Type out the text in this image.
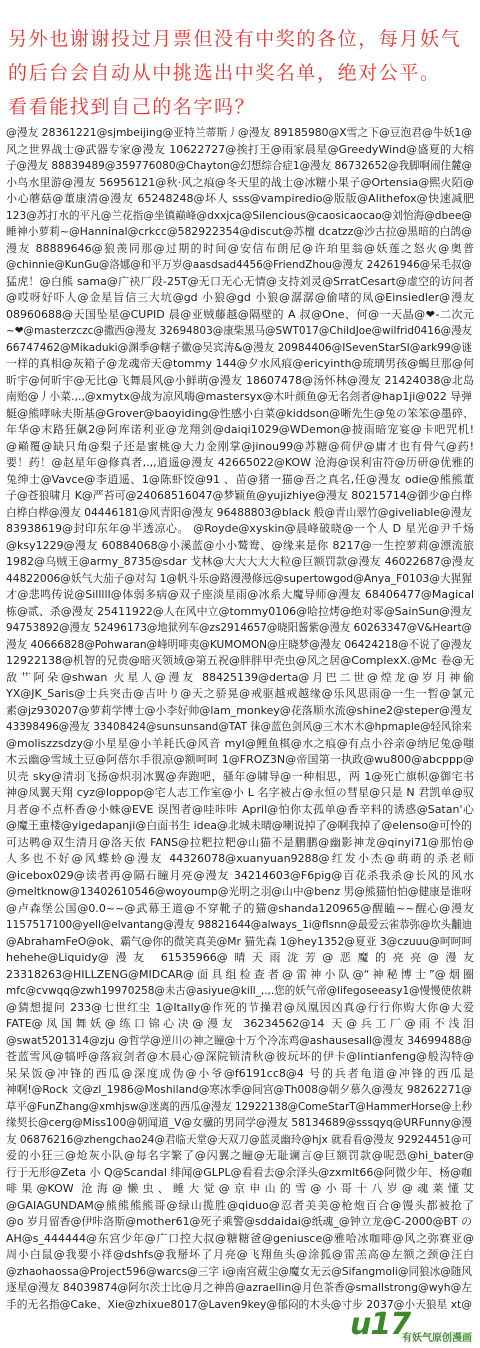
另外也谢谢投过月票但没有中奖的各位，每月妖气
的后台会自动从中挑选出中奖名单，绝对公平。
看看能找到自己的名字吗？
@漫友 28361221@sjmbeijing@亚特兰蒂斯丿@漫友 89185980@X雪之下@豆泡君@牛妖1@
风之世界战士@武器专家@漫友 10622727@挨打王@雨家晨星@GreedyWind@盛夏的大榕
子@漫友 88839489@359776080@Chayton@幻想综合症1@漫友 86732652@我脚啊闹住麓@
小鸟水里游@漫友 56956121@秋·风之痕@冬天里的战士@冰糖小果子@Ortensia@熙火陌@
小心蘑菇@董康清@漫友 65248248@坏人 sss@vampiredio@版版@Alithefox@快速减肥
123@苏打水的平凡@兰花指@坐镇巅峰@dxxjca@Silencious@caosicaocao@刘怡海@dbee@
睡神小萝莉~@Hanninal@crkcc@582922354@discut@苏檀 dcatzz@沙古拉@黑暗的白鸽@
漫友 88889646@狼羡同那@过期的时间@安信布朗尼@许珀里翁@妖莲之怒火@奥普
@chinnie@KunGu@洛娜@和平万岁@aasdsad4456@FriendZhou@漫友 24261946@呆毛叔@
猛虎！@白熊 sama@广袂厂段-25T@无口无心无情@支持刘灵@SrratCesart@虚空的访问者
@哎呀好吓人@金星旨信三大坑@gd 小狼@gd 小狼@潺潺@偷啫的凤@Einsiedler@漫友
08960688@天国坠星@CUPID 晨@亚贼藤越@隔壁的 A 叔@One、何@一天晶@❤-二次元
~❤@masterzczc@撒西@漫友 32694803@康柴黑马@SWT017@ChildJoe@wilfrid0416@漫友
66747462@Mikaduki@渊季@轄子徽@吴宾涛&@漫友 20984406@ISevenStarSI@ark99@谜
一样的真相@灰箱子@龙魂帝天@tommy 144@夕水风痕@ericyinth@琉璃男孩@蝎旦那@何
昕宇@何昕宇@无比@飞舞晨风@小鲜萌@漫友 18607478@汤怀林@漫友 21424038@北岛
南贻@丿小菜.,.,@xmytx@战为凉风嗨@mastersyx@木叶颜鱼@无名刽者@hap1ji@022 导弹
艇@熊哮咏夫斯基@Grover@baoyiding@性感小白菜@kiddson@晰先生@兔の笨笨@墨碎、
年华@末路狂飙2@阿库诺利亚@龙翔剑@daiqi1029@WDemon@披雨暗宠宴@卡吧咒机!
@巅覆@缺只角@梨子还是蜜桃@大力金刚掌@jinou99@苏糖@荷伊@庸才也有骨气@药!
要！药！@赵星年@修真者,.,,逍遥@漫友 42665022@KOW 沧海@误利宙符@历研@优雅的
兔绅士@Vavce@李逍遥、1@陈虾饺@91 、苗@猪一猫@吾之真名,任@漫友 odie@熊熊董
子@苍狼啸月 K@严苔可@24068516047@梦颖鱼@yujizhiye@漫友 80215714@御少@白桦
白桦白桦@漫友 04446181@风青阳@漫友 96488803@black 般@青山翠竹@giveliable@漫友
83938619@封印东年@半透凉心。 @Royde@xyskin@晨峰破晓@一个人 D 星光@尹千炀
@ksy1229@漫友 60884068@小溪蓝@小小鹫鸯、@缘来是你 8217@一生控萝莉@漂流旅
1982@乌贼王@army_8735@sdar 戈林@大大大大大粒@巨额罚款@漫友 46022687@漫友
44822006@妖气大茄子@对勾 1@帆斗乐@路漫漫修远@supertowgod@Anya_F0103@大猩猩
才@悲鸣传说@SillllI@体弱多病@双子座淡星雨@冰系大魔导师@漫友 68406477@Magical
栋@贰、杀@漫友 25411922@人在风中立@tommy0106@哈拉烤@绝对零@SainSun@漫友
94753892@漫友 52496173@地狱列车@zs2914657@晓阳酱紫@漫友 60263347@V&Heart@
漫友 40666828@Pohwaran@峰明啡夷@KUMOMON@庄晓梦@漫友 06424218@不说了@漫友
12922138@机智的兄贵@暗灭领域@第五祝@胖胖甲壳虫@风之居@ComplexX.@Mc 卷@无
敌艹阿朵@shwan 火星人@漫友 88425139@derta@月巴二世@煌龙@岁月神偷
YX@JK_Saris@士兵突击@吉叶り@天之骄晃@戒驱越戒越缘@乐风思雨@一生一暂@氯元
素@jz930207@萝莉学博士@小李好帅@lam_monkey@花落顺水流@shine2@steper@漫友
43398496@漫友 33408424@sunsunsand@TAT 徕@蓝色剑风@三木木木@hpmaple@轻风徐来
@moliszzsdzy@小星星@小羊耗氏@风音 myl@鲤鱼棋@水之痕@有点小谷亲@纳尼兔@嗤
木云幽@雪域土豆@阿蓓尔手很凉@额呵呵 1@FROZ3N@帝国第一执政@wu800@abcppp@
贝壳 sky@清羽飞扬@炽羽冰翼@奔跑吧，骚年@啸导@一种相思，两 1@死亡旗帜@御宅书
神@凤翼天翔 cyz@loppop@宅人志工作室@小 L 名字被占@永恒の彗星@只是 N 君凯单@驭
月者@不点杯香@小蛛@EVE 误图者@哇咔咔 April@怕你太孤单@香辛料的诱惑@Satan'心
@魔王重楼@yigedapanji@白面书生 idea@北城未晴@喇说掉了@啊我掉了@elenso@可怜的
可达鸭@双生清月@洛天依 FANS@拉粑拉粑@山猫不是鹏鹏@幽影神龙@qinyi71@那怡@
人多也不好@风蝶蛉@漫友 44326078@xuanyuan9288@红发小杰@萌萌的杀老师
@icebox029@读者再@隔石瞳月亮@漫友 34214603@F6pig@百花杀我杀@长风的风水
@meltknow@13402610546@woyoump@光明之羽@山中@benz 男@熊猫怕怕@健康是谁呀
@卢森堡公国@0.0~~@武幕王道@不穿靴子的猫@shanda120965@醒瞌~~醒心@漫友
1157517100@yell@elvantang@漫友 98821644@always_1i@flsnn@最爱云雀恭弥@坎头黼迪
@AbrahamFeO@ok、霸气@你的微笑真美@Mr 猫先森 1@hey1352@夏亚 3@czuuu@呵呵呵
hehehe@Liquidy@漫友 61535966@晴天雨泷芳@恶魔的亮亮@漫友
23318263@HILLZENG@MIDCAR@面具组检查者@雷神小队@“神秘博士”@烟圈
mfc@cvwqq@zwh19970258@未古@asiyue@kill_,.,.您的妖气帝@lifegoseeasy1@慢慢使侬耕
@猜想提问 233@七世红尘 1@Itally@作死的节操君@凤凰因凶真@行行你购大你@大爱
FATE@凤国舞妖@练口锦心决@漫友 36234562@14 天@兵工厂@雨不浅泪
@swat5201314@zju @哲学@逆川の神之瞳@十万个冷冻鸡@ashausesall@漫友 34699488@
苍蓝雪风@犒呼@落寂剑者@木晨心@深院锁清秋@彼玩坏的伊卡@lintianfeng@般沟特@
呆呆饭@冲锋的西瓜@深度成伪@小爷@f6191cc8@4 号的兵者龟道@冲锋的西瓜是
神啊!@Rock 文@zl_1986@Moshiland@寒冰季@间宫@Th008@朝夕慕久@漫友 98262271@
草平@FunZhang@xmhjsw@迷离的西瓜@漫友 12922138@ComeStarT@HammerHorse@上秒
缘契长@cerg@Miss100@朝闻道_V@女骥的男同学@漫友 58134689@sssqyq@URFunny@漫
友 06876216@zhengchao24@君临天堂@天双刀@蓝灵幽玲@hjx 就看看@漫友 92924451@可
爱的小狂三@炝灰小队@每名字繁了@闪翼之瞳@无耻谰言@巨额罚款@呢恐@hi_bater@
行于无形@Zeta 小 Q@Scandal 绯闻@GLPL@看看去@余泽头@zxmlt66@阿微少年、杨@咖
啡果@KOW 沧海@懒虫、睡大觉@京申山的雪@小哥十八岁@魂莱懂艾
@GAIAGUNDAM@熊熊熊熊哥@绿山揽胜@qiduo@忍者美美@枪炮百合@馒头都被抢了
@o 岁月留香@伊咔洛斯@mother61@死子乘警@sddaidai@纸魂_@钟立龙@C-2000@BT の
AH@s_444444@东宫少年@广口控大叔@糖糖爸@geniusce@雅哈冰咖啡@风之弥赛亚@
周小白鼠@我要小祥@dshfs@我掰坏了月亮@飞翔鱼头@涂狐@雷羔高@左额之颈@汪白
@zhaohaossa@Project596@warcs@三字 i@南宫葳尘@魔女无云@Sifangmoli@同狼冰@随风
逐星@漫友 84039874@阿尔茨士比@月之神兽@azraellin@月色茶香@smallstrong@wyh@左
手的无名指@Cake、Xie@zhixue8017@Laven9key@郁闷的木头@寸步 2037@小天狼星 xt@
u17
有妖气原创漫画
